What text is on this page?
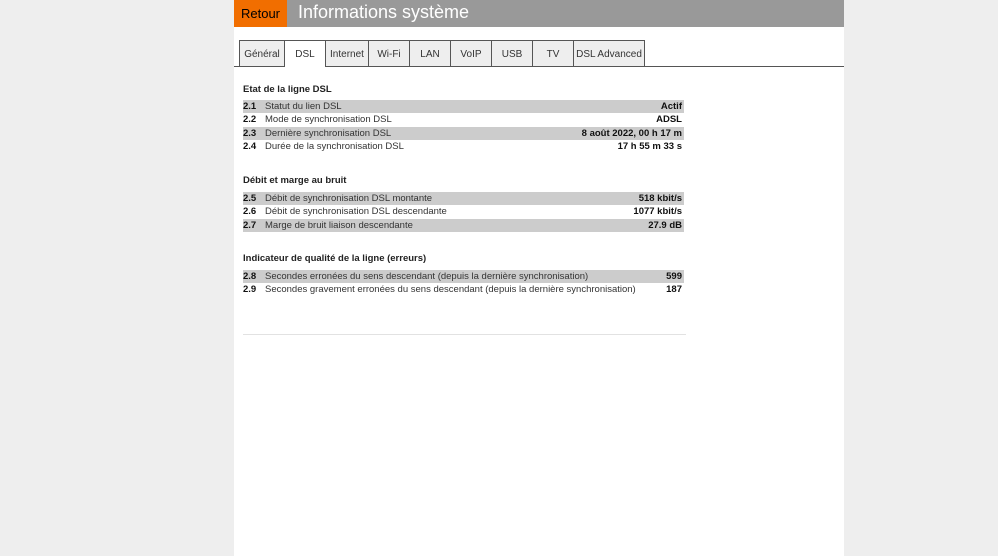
Retour Informations système
Général	DSL	Internet	Wi-Fi	LAN	VoIP	USB	TV	DSL Advanced
Etat de la ligne DSL
2.1 Statut du lien DSL	Actif
2.2 Mode de synchronisation DSL	ADSL
2.3 Dernière synchronisation DSL	8 août 2022, 00 h 17 m
2.4 Durée de la synchronisation DSL	17 h 55 m 33 s
Débit et marge au bruit
2.5 Débit de synchronisation DSL montante	518 kbit/s
2.6 Débit de synchronisation DSL descendante	1077 kbit/s
2.7 Marge de bruit liaison descendante	27.9 dB
Indicateur de qualité de la ligne (erreurs)
2.8 Secondes erronées du sens descendant (depuis la dernière synchronisation)	599
2.9 Secondes gravement erronées du sens descendant (depuis la dernière synchronisation)	187
